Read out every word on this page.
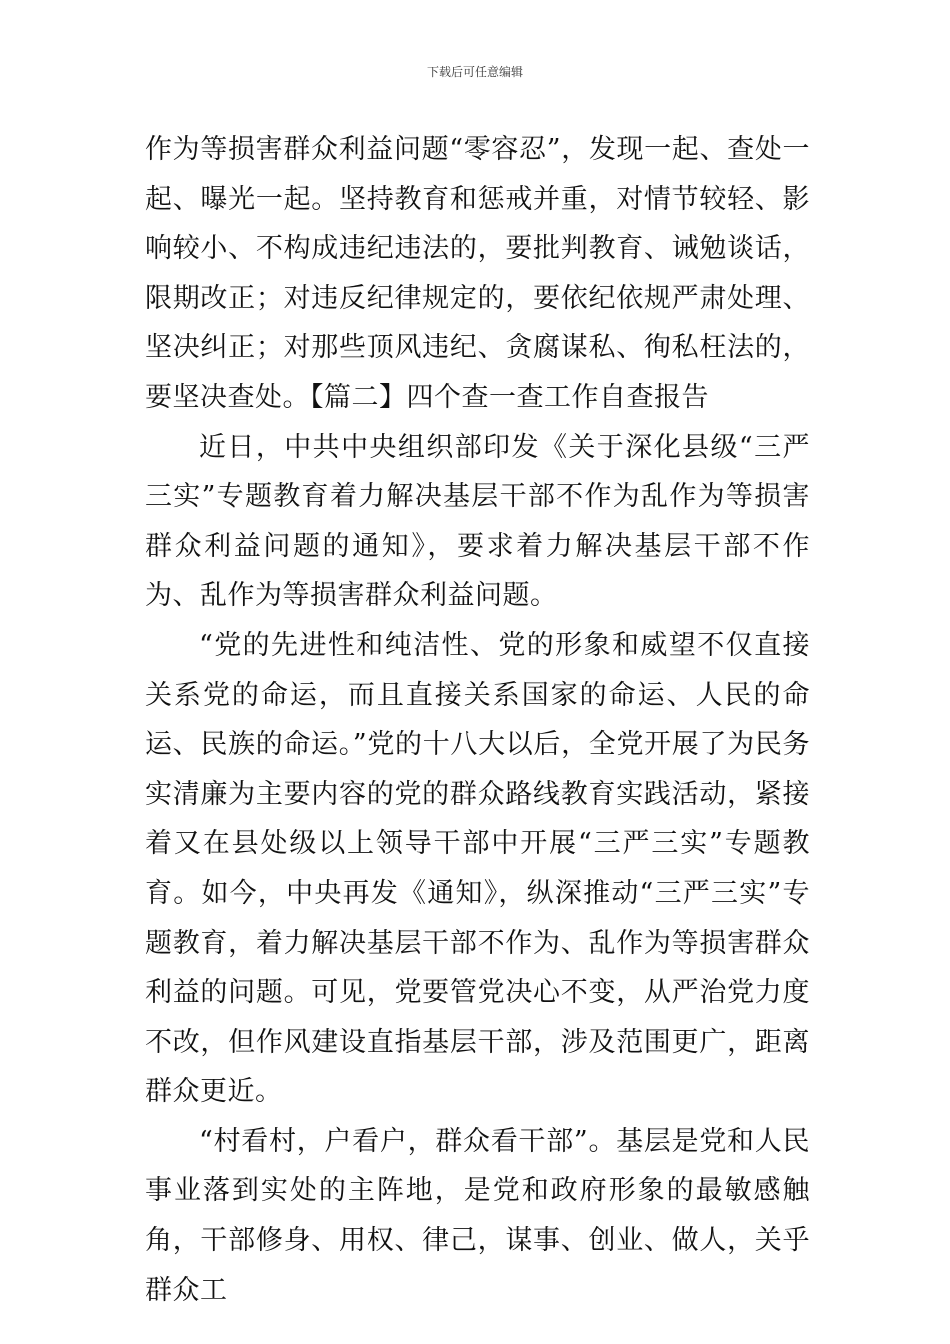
下载后可任意编辑

作为等损害群众利益问题“零容忍”，发现一起、查处一起、曝光一起。坚持教育和惩戒并重，对情节较轻、影响较小、不构成违纪违法的，要批判教育、诫勉谈话，限期改正；对违反纪律规定的，要依纪依规严肃处理、坚决纠正；对那些顶风违纪、贪腐谋私、徇私枉法的，要坚决查处。【篇二】四个查一查工作自查报告

近日，中共中央组织部印发《关于深化县级“三严三实”专题教育着力解决基层干部不作为乱作为等损害群众利益问题的通知》，要求着力解决基层干部不作为、乱作为等损害群众利益问题。

“党的先进性和纯洁性、党的形象和威望不仅直接关系党的命运，而且直接关系国家的命运、人民的命运、民族的命运。”党的十八大以后，全党开展了为民务实清廉为主要内容的党的群众路线教育实践活动，紧接着又在县处级以上领导干部中开展“三严三实”专题教育。如今，中央再发《通知》，纵深推动“三严三实”专题教育，着力解决基层干部不作为、乱作为等损害群众利益的问题。可见，党要管党决心不变，从严治党力度不改，但作风建设直指基层干部，涉及范围更广，距离群众更近。

“村看村，户看户，群众看干部”。基层是党和人民事业落到实处的主阵地，是党和政府形象的最敏感触角，干部修身、用权、律己，谋事、创业、做人，关乎群众工
